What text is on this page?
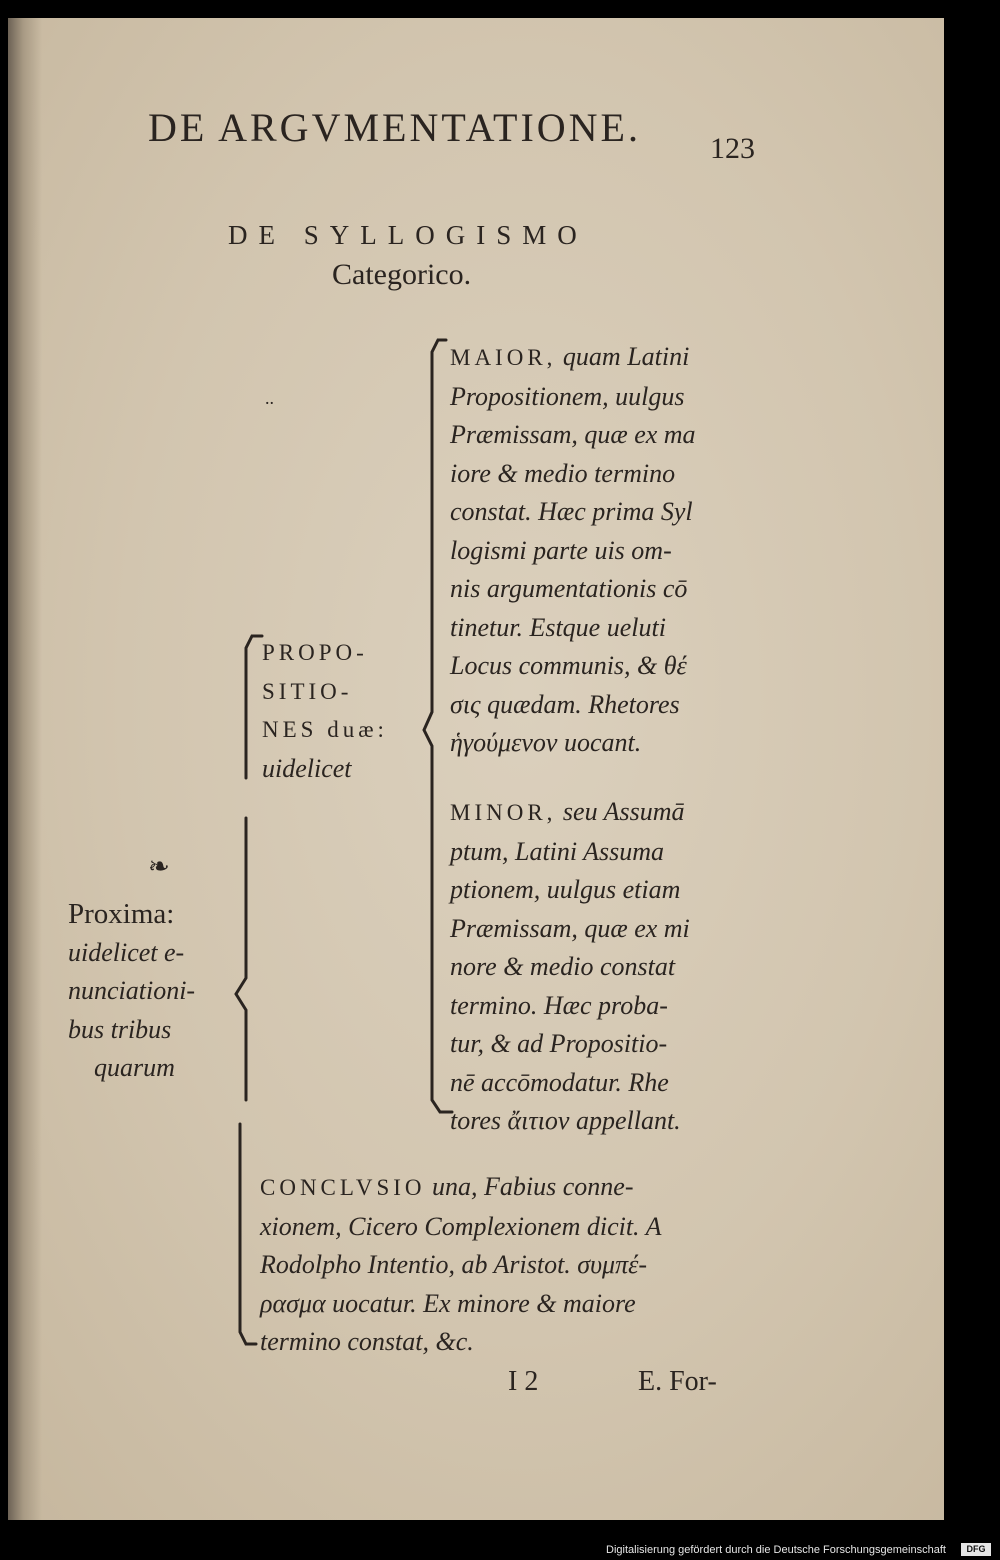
DE ARGVMENTATIONE. 123
DE SYLLOGISMO
Categorico.
..
MAIOR, quam Latini
Propositionem, uulgus
Præmissam, quæ ex ma
iore & medio termino
constat. Hæc prima Syl
logismi parte uis om-
nis argumentationis cō
tinetur. Estque ueluti
Locus communis, & θέ
σις quædam. Rhetores
ἡγούμενον uocant.
PROPO-
SITIO-
NES duæ:
uidelicet
MINOR, seu Assumā
ptum, Latini Assuma
ptionem, uulgus etiam
Præmissam, quæ ex mi
nore & medio constat
termino. Hæc proba-
tur, & ad Propositio-
nē accōmodatur. Rhe
tores ἄιτιον appellant.
❧
Proxima:
uidelicet e-
nunciationi-
bus tribus
quarum
CONCLVSIO una, Fabius conne-
xionem, Cicero Complexionem dicit. A
Rodolpho Intentio, ab Aristot. συμπέ-
ρασμα uocatur. Ex minore & maiore
termino constat, &c.
I 2	E. For-
Digitalisierung gefördert durch die Deutsche Forschungsgemeinschaft	DFG
